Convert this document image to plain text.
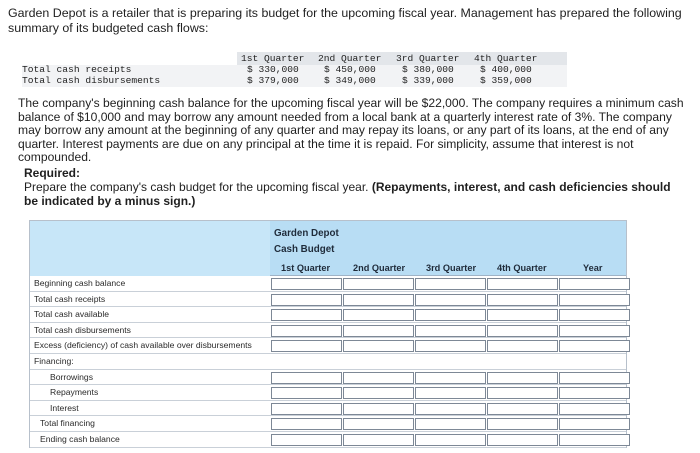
Garden Depot is a retailer that is preparing its budget for the upcoming fiscal year. Management has prepared the following summary of its budgeted cash flows:
1st Quarter 2nd Quarter 3rd Quarter 4th Quarter
Total cash receipts	$ 330,000	$ 450,000	$ 380,000	$ 400,000
Total cash disbursements	$ 379,000	$ 349,000	$ 339,000	$ 359,000
The company's beginning cash balance for the upcoming fiscal year will be $22,000. The company requires a minimum cash balance of $10,000 and may borrow any amount needed from a local bank at a quarterly interest rate of 3%. The company may borrow any amount at the beginning of any quarter and may repay its loans, or any part of its loans, at the end of any quarter. Interest payments are due on any principal at the time it is repaid. For simplicity, assume that interest is not compounded.
Required:
Prepare the company's cash budget for the upcoming fiscal year. (Repayments, interest, and cash deficiencies should be indicated by a minus sign.)
Garden Depot
Cash Budget
1st Quarter 2nd Quarter 3rd Quarter 4th Quarter	Year
Beginning cash balance
Total cash receipts
Total cash available
Total cash disbursements
Excess (deficiency) of cash available over disbursements
Financing:
Borrowings
Repayments
Interest
Total financing
Ending cash balance
